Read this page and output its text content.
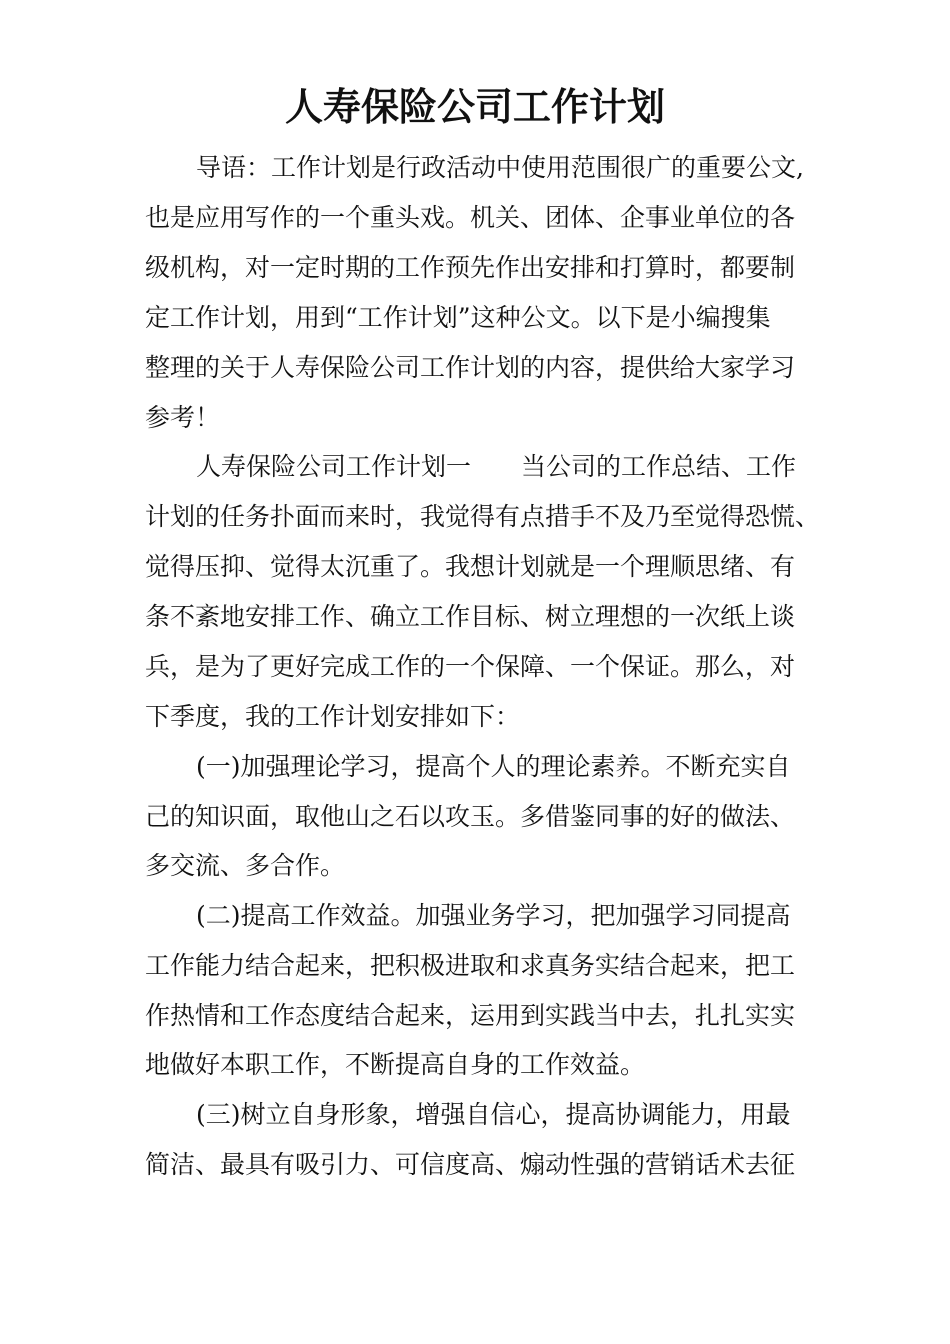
人寿保险公司工作计划

导语：工作计划是行政活动中使用范围很广的重要公文,

也是应用写作的一个重头戏。机关、团体、企事业单位的各

级机构，对一定时期的工作预先作出安排和打算时，都要制

定工作计划，用到“工作计划”这种公文。以下是小编搜集

整理的关于人寿保险公司工作计划的内容，提供给大家学习

参考！

人寿保险公司工作计划一　　当公司的工作总结、工作

计划的任务扑面而来时，我觉得有点措手不及乃至觉得恐慌、

觉得压抑、觉得太沉重了。我想计划就是一个理顺思绪、有

条不紊地安排工作、确立工作目标、树立理想的一次纸上谈

兵，是为了更好完成工作的一个保障、一个保证。那么，对

下季度，我的工作计划安排如下：

(一)加强理论学习，提高个人的理论素养。不断充实自

己的知识面，取他山之石以攻玉。多借鉴同事的好的做法、

多交流、多合作。

(二)提高工作效益。加强业务学习，把加强学习同提高

工作能力结合起来，把积极进取和求真务实结合起来，把工

作热情和工作态度结合起来，运用到实践当中去，扎扎实实

地做好本职工作，不断提高自身的工作效益。

(三)树立自身形象，增强自信心，提高协调能力，用最

简洁、最具有吸引力、可信度高、煽动性强的营销话术去征
